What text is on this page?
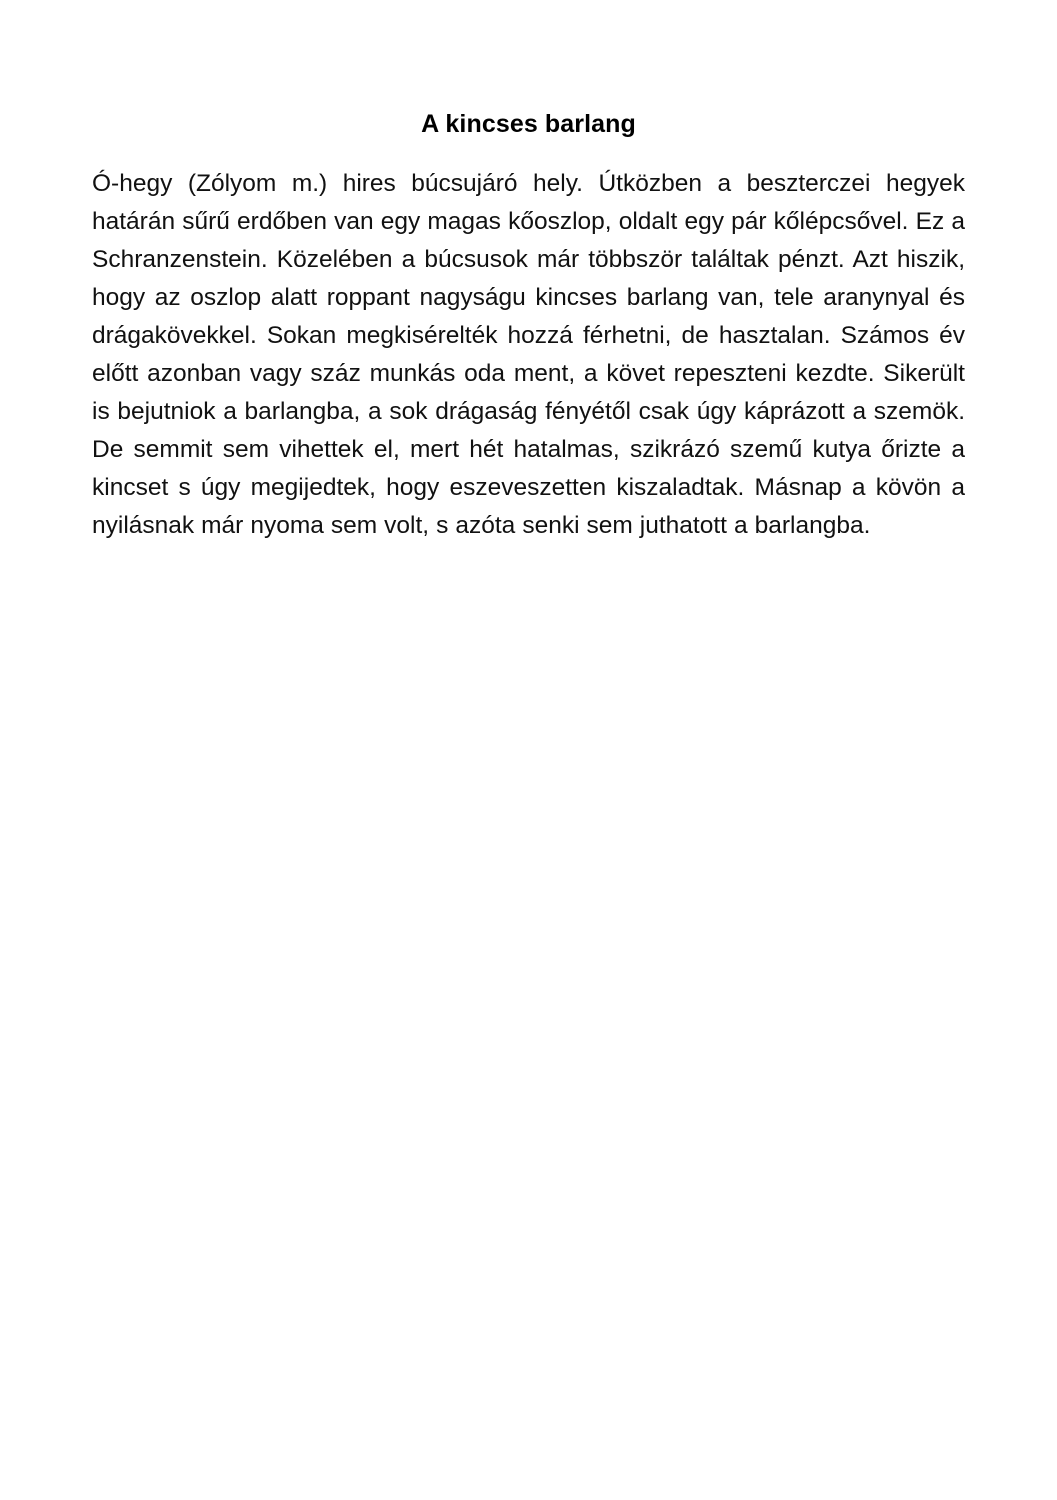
A kincses barlang

Ó-hegy (Zólyom m.) hires búcsujáró hely. Útközben a beszterczei hegyek határán sűrű erdőben van egy magas kőoszlop, oldalt egy pár kőlépcsővel. Ez a Schranzenstein. Közelében a búcsusok már többször találtak pénzt. Azt hiszik, hogy az oszlop alatt roppant nagyságu kincses barlang van, tele aranynyal és drágakövekkel. Sokan megkisérelték hozzá férhetni, de hasztalan. Számos év előtt azonban vagy száz munkás oda ment, a követ repeszteni kezdte. Sikerült is bejutniok a barlangba, a sok drágaság fényétől csak úgy káprázott a szemök. De semmit sem vihettek el, mert hét hatalmas, szikrázó szemű kutya őrizte a kincset s úgy megijedtek, hogy eszeveszetten kiszaladtak. Másnap a kövön a nyilásnak már nyoma sem volt, s azóta senki sem juthatott a barlangba.
